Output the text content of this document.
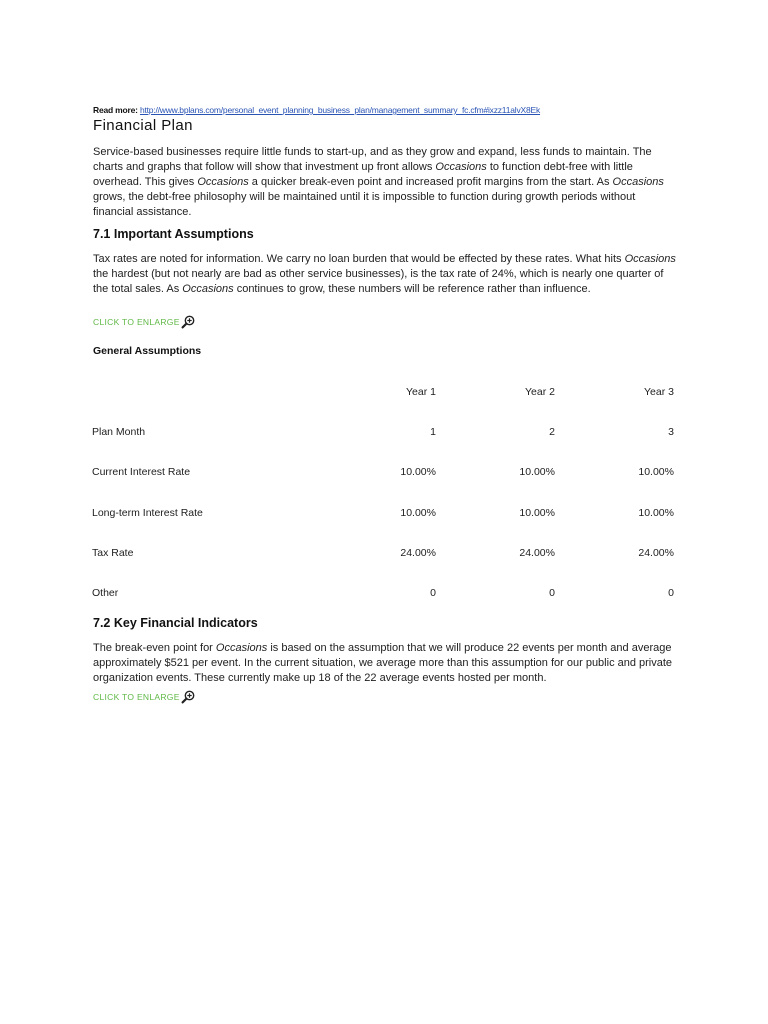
Read more: http://www.bplans.com/personal_event_planning_business_plan/management_summary_fc.cfm#ixzz11alvX8Ek
Financial Plan

Service-based businesses require little funds to start-up, and as they grow and expand, less funds to maintain. The charts and graphs that follow will show that investment up front allows Occasions to function debt-free with little overhead. This gives Occasions a quicker break-even point and increased profit margins from the start. As Occasions grows, the debt-free philosophy will be maintained until it is impossible to function during growth periods without financial assistance.

7.1 Important Assumptions

Tax rates are noted for information. We carry no loan burden that would be effected by these rates. What hits Occasions the hardest (but not nearly are bad as other service businesses), is the tax rate of 24%, which is nearly one quarter of the total sales. As Occasions continues to grow, these numbers will be reference rather than influence.

CLICK TO ENLARGE
General Assumptions
	Year 1	Year 2	Year 3
Plan Month	1	2	3
Current Interest Rate	10.00%	10.00%	10.00%
Long-term Interest Rate	10.00%	10.00%	10.00%
Tax Rate	24.00%	24.00%	24.00%
Other	0	0	0
7.2 Key Financial Indicators

The break-even point for Occasions is based on the assumption that we will produce 22 events per month and average approximately $521 per event. In the current situation, we average more than this assumption for our public and private organization events. These currently make up 18 of the 22 average events hosted per month.

CLICK TO ENLARGE
